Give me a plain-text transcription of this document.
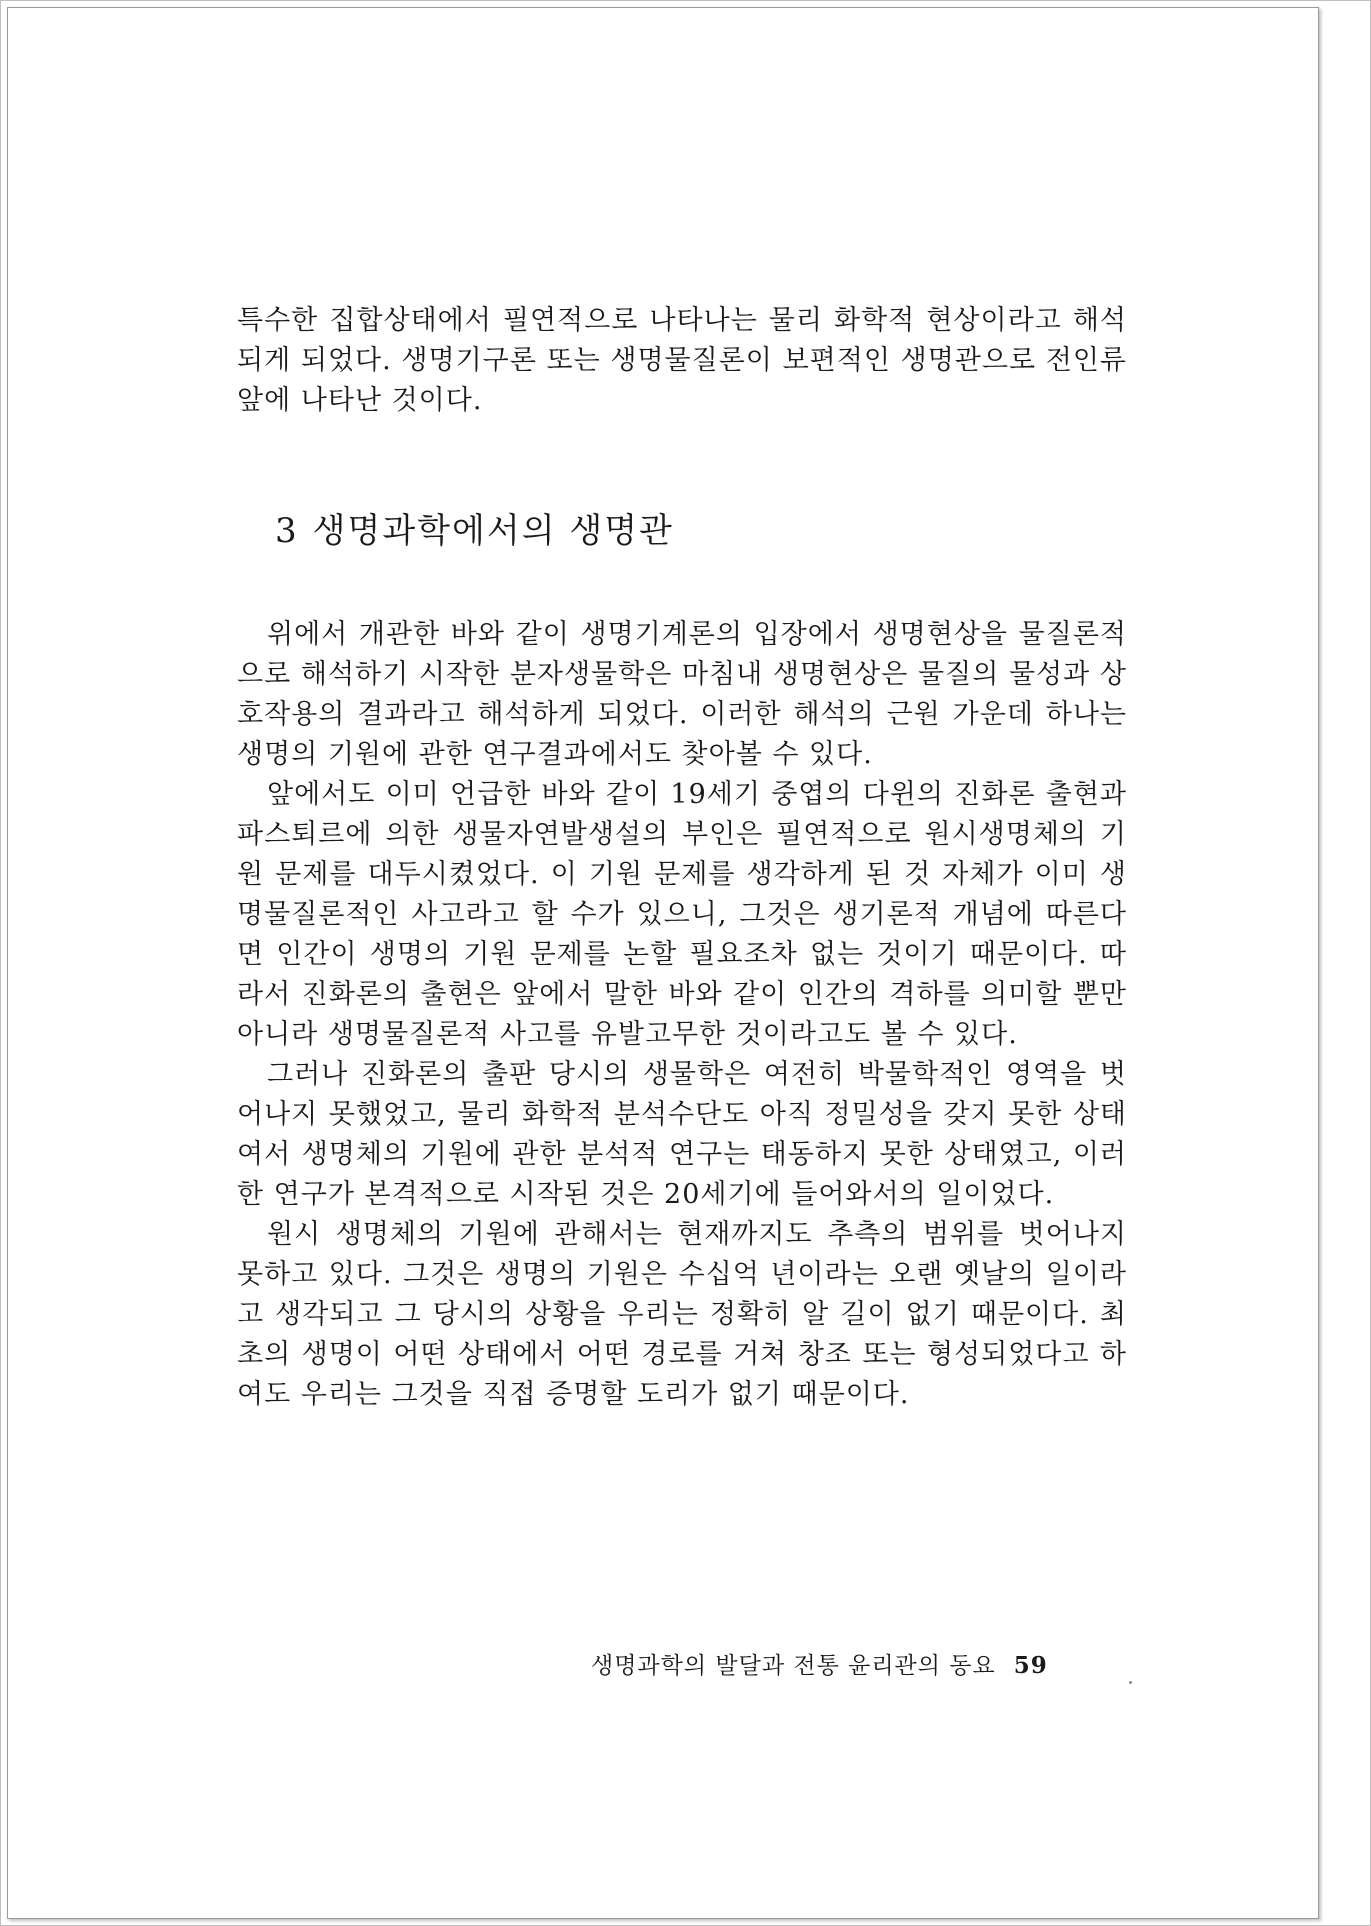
특수한 집합상태에서 필연적으로 나타나는 물리 화학적 현상이라고 해석되게 되었다. 생명기구론 또는 생명물질론이 보편적인 생명관으로 전인류 앞에 나타난 것이다.

3 생명과학에서의 생명관

위에서 개관한 바와 같이 생명기계론의 입장에서 생명현상을 물질론적으로 해석하기 시작한 분자생물학은 마침내 생명현상은 물질의 물성과 상호작용의 결과라고 해석하게 되었다. 이러한 해석의 근원 가운데 하나는 생명의 기원에 관한 연구결과에서도 찾아볼 수 있다.

앞에서도 이미 언급한 바와 같이 19세기 중엽의 다윈의 진화론 출현과 파스퇴르에 의한 생물자연발생설의 부인은 필연적으로 원시생명체의 기원 문제를 대두시켰었다. 이 기원 문제를 생각하게 된 것 자체가 이미 생명물질론적인 사고라고 할 수가 있으니, 그것은 생기론적 개념에 따른다면 인간이 생명의 기원 문제를 논할 필요조차 없는 것이기 때문이다. 따라서 진화론의 출현은 앞에서 말한 바와 같이 인간의 격하를 의미할 뿐만 아니라 생명물질론적 사고를 유발고무한 것이라고도 볼 수 있다.

그러나 진화론의 출판 당시의 생물학은 여전히 박물학적인 영역을 벗어나지 못했었고, 물리 화학적 분석수단도 아직 정밀성을 갖지 못한 상태여서 생명체의 기원에 관한 분석적 연구는 태동하지 못한 상태였고, 이러한 연구가 본격적으로 시작된 것은 20세기에 들어와서의 일이었다.

원시 생명체의 기원에 관해서는 현재까지도 추측의 범위를 벗어나지 못하고 있다. 그것은 생명의 기원은 수십억 년이라는 오랜 옛날의 일이라고 생각되고 그 당시의 상황을 우리는 정확히 알 길이 없기 때문이다. 최초의 생명이 어떤 상태에서 어떤 경로를 거쳐 창조 또는 형성되었다고 하여도 우리는 그것을 직접 증명할 도리가 없기 때문이다.

생명과학의 발달과 전통 윤리관의 동요 59
